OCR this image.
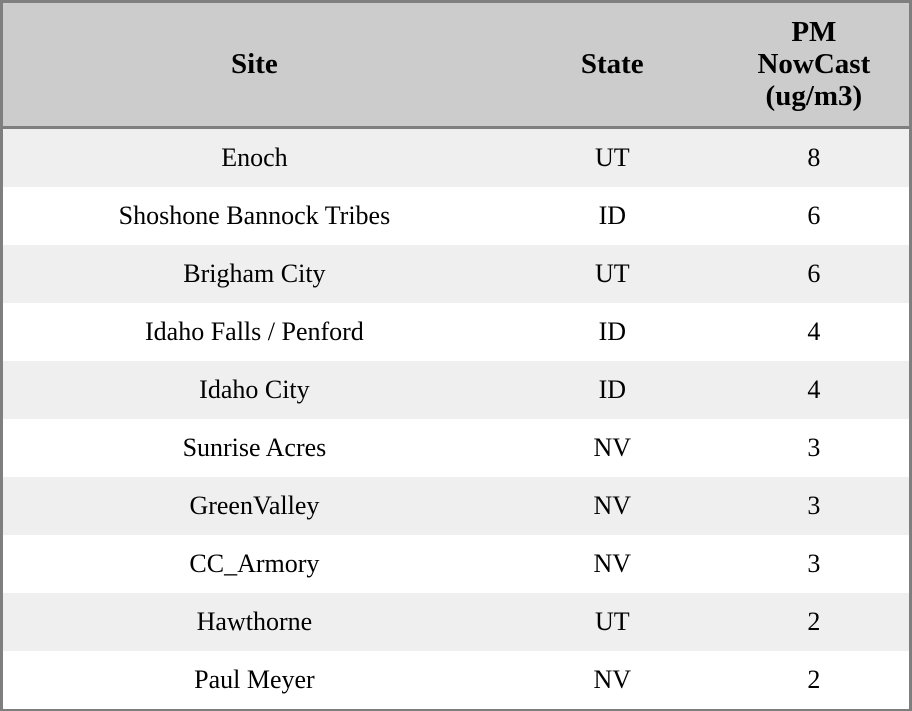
Site	State	PM
NowCast
(ug/m3)

Enoch	UT	8
Shoshone Bannock Tribes	ID	6
Brigham City	UT	6
Idaho Falls / Penford	ID	4
Idaho City	ID	4
Sunrise Acres	NV	3
GreenValley	NV	3
CC_Armory	NV	3
Hawthorne	UT	2
Paul Meyer	NV	2
